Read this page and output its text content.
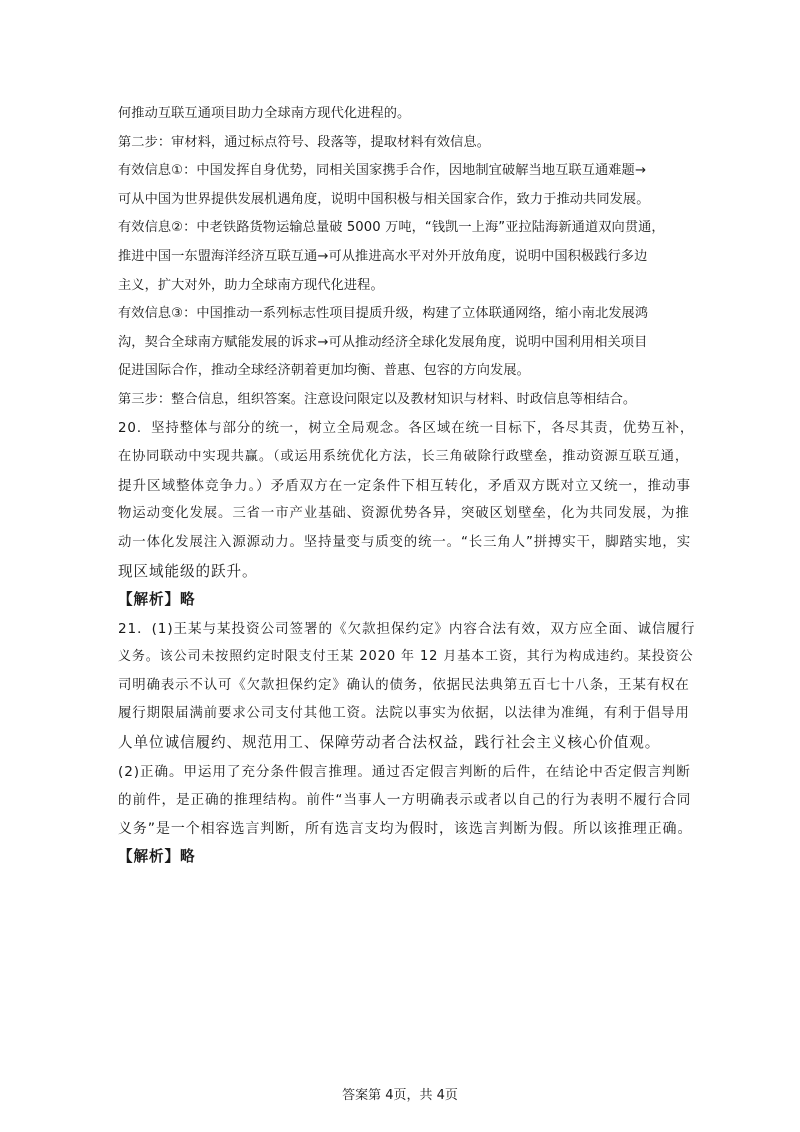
何推动互联互通项目助力全球南方现代化进程的。
第二步：审材料，通过标点符号、段落等，提取材料有效信息。
有效信息①：中国发挥自身优势，同相关国家携手合作，因地制宜破解当地互联互通难题→
可从中国为世界提供发展机遇角度，说明中国积极与相关国家合作，致力于推动共同发展。
有效信息②：中老铁路货物运输总量破 5000 万吨，“钱凯一上海”亚拉陆海新通道双向贯通，
推进中国一东盟海洋经济互联互通→可从推进高水平对外开放角度，说明中国积极践行多边
主义，扩大对外，助力全球南方现代化进程。
有效信息③：中国推动一系列标志性项目提质升级，构建了立体联通网络，缩小南北发展鸿
沟，契合全球南方赋能发展的诉求→可从推动经济全球化发展角度，说明中国利用相关项目
促进国际合作，推动全球经济朝着更加均衡、普惠、包容的方向发展。
第三步：整合信息，组织答案。注意设问限定以及教材知识与材料、时政信息等相结合。
20．坚持整体与部分的统一，树立全局观念。各区域在统一目标下，各尽其责，优势互补，
在协同联动中实现共赢。（或运用系统优化方法，长三角破除行政壁垒，推动资源互联互通，
提升区域整体竞争力。）矛盾双方在一定条件下相互转化，矛盾双方既对立又统一，推动事
物运动变化发展。三省一市产业基础、资源优势各异，突破区划壁垒，化为共同发展，为推
动一体化发展注入源源动力。坚持量变与质变的统一。“长三角人”拼搏实干，脚踏实地，实
现区域能级的跃升。
【解析】略
21．(1)王某与某投资公司签署的《欠款担保约定》内容合法有效，双方应全面、诚信履行
义务。该公司未按照约定时限支付王某 2020 年 12 月基本工资，其行为构成违约。某投资公
司明确表示不认可《欠款担保约定》确认的债务，依据民法典第五百七十八条，王某有权在
履行期限届满前要求公司支付其他工资。法院以事实为依据，以法律为准绳，有利于倡导用
人单位诚信履约、规范用工、保障劳动者合法权益，践行社会主义核心价值观。
(2)正确。甲运用了充分条件假言推理。通过否定假言判断的后件，在结论中否定假言判断
的前件，是正确的推理结构。前件“当事人一方明确表示或者以自己的行为表明不履行合同
义务”是一个相容选言判断，所有选言支均为假时，该选言判断为假。所以该推理正确。
【解析】略
答案第 4页，共 4页
